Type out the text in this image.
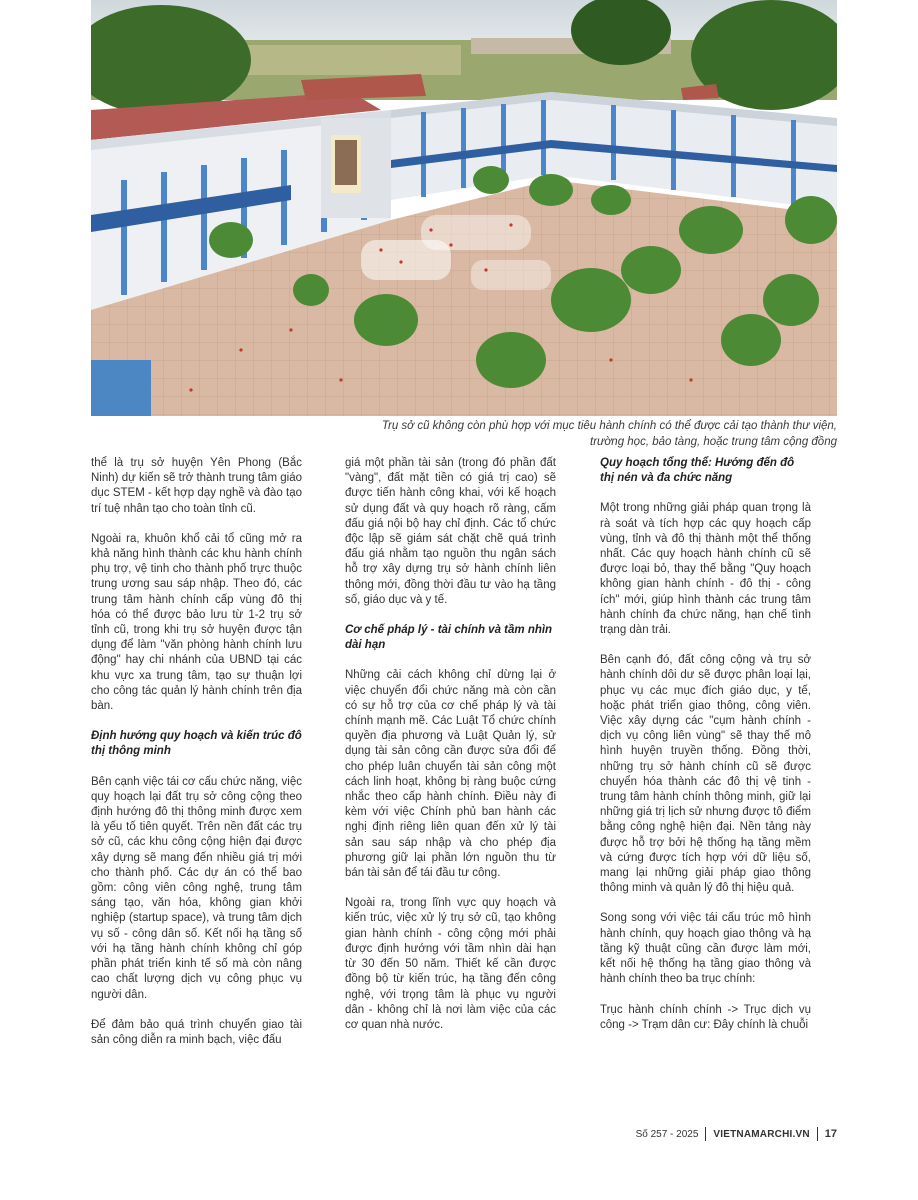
Trụ sở cũ không còn phù hợp với mục tiêu hành chính có thể được cải tạo thành thư viện,
trường học, bảo tàng, hoặc trung tâm cộng đồng

thể là trụ sở huyện Yên Phong (Bắc Ninh) dự kiến sẽ trở thành trung tâm giáo dục STEM - kết hợp dạy nghề và đào tạo trí tuệ nhân tạo cho toàn tỉnh cũ.

Ngoài ra, khuôn khổ cải tổ cũng mở ra khả năng hình thành các khu hành chính phụ trợ, vệ tinh cho thành phố trực thuộc trung ương sau sáp nhập. Theo đó, các trung tâm hành chính cấp vùng đô thị hóa có thể được bảo lưu từ 1-2 trụ sở tỉnh cũ, trong khi trụ sở huyện được tận dụng để làm "văn phòng hành chính lưu động" hay chi nhánh của UBND tại các khu vực xa trung tâm, tạo sự thuận lợi cho công tác quản lý hành chính trên địa bàn.

Định hướng quy hoạch và kiến trúc đô thị thông minh

Bên cạnh việc tái cơ cấu chức năng, việc quy hoạch lại đất trụ sở công cộng theo định hướng đô thị thông minh được xem là yếu tố tiên quyết. Trên nền đất các trụ sở cũ, các khu công cộng hiện đại được xây dựng sẽ mang đến nhiều giá trị mới cho thành phố. Các dự án có thể bao gồm: công viên công nghệ, trung tâm sáng tạo, văn hóa, không gian khởi nghiệp (startup space), và trung tâm dịch vụ số - công dân số. Kết nối hạ tầng số với hạ tầng hành chính không chỉ góp phần phát triển kinh tế số mà còn nâng cao chất lượng dịch vụ công phục vụ người dân.

Để đảm bảo quá trình chuyển giao tài sản công diễn ra minh bạch, việc đấu

giá một phần tài sản (trong đó phần đất "vàng", đất mặt tiền có giá trị cao) sẽ được tiến hành công khai, với kế hoạch sử dụng đất và quy hoạch rõ ràng, cấm đấu giá nội bộ hay chỉ định. Các tổ chức độc lập sẽ giám sát chặt chẽ quá trình đấu giá nhằm tạo nguồn thu ngân sách hỗ trợ xây dựng trụ sở hành chính liên thông mới, đồng thời đầu tư vào hạ tầng số, giáo dục và y tế.

Cơ chế pháp lý - tài chính và tầm nhìn dài hạn

Những cải cách không chỉ dừng lại ở việc chuyển đổi chức năng mà còn cần có sự hỗ trợ của cơ chế pháp lý và tài chính mạnh mẽ. Các Luật Tổ chức chính quyền địa phương và Luật Quản lý, sử dụng tài sản công cần được sửa đổi để cho phép luân chuyển tài sản công một cách linh hoạt, không bị ràng buộc cứng nhắc theo cấp hành chính. Điều này đi kèm với việc Chính phủ ban hành các nghị định riêng liên quan đến xử lý tài sản sau sáp nhập và cho phép địa phương giữ lại phần lớn nguồn thu từ bán tài sản để tái đầu tư công.

Ngoài ra, trong lĩnh vực quy hoạch và kiến trúc, việc xử lý trụ sở cũ, tạo không gian hành chính - công cộng mới phải được định hướng với tầm nhìn dài hạn từ 30 đến 50 năm. Thiết kế cần được đồng bộ từ kiến trúc, hạ tầng đến công nghệ, với trọng tâm là phục vụ người dân - không chỉ là nơi làm việc của các cơ quan nhà nước.

Quy hoạch tổng thể: Hướng đến đô thị nén và đa chức năng

Một trong những giải pháp quan trọng là rà soát và tích hợp các quy hoạch cấp vùng, tỉnh và đô thị thành một thể thống nhất. Các quy hoạch hành chính cũ sẽ được loại bỏ, thay thế bằng "Quy hoạch không gian hành chính - đô thị - công ích" mới, giúp hình thành các trung tâm hành chính đa chức năng, hạn chế tình trạng dàn trải.

Bên cạnh đó, đất công cộng và trụ sở hành chính dôi dư sẽ được phân loại lại, phục vụ các mục đích giáo dục, y tế, hoặc phát triển giao thông, công viên. Việc xây dựng các "cụm hành chính - dịch vụ công liên vùng" sẽ thay thế mô hình huyện truyền thống. Đồng thời, những trụ sở hành chính cũ sẽ được chuyển hóa thành các đô thị vệ tinh - trung tâm hành chính thông minh, giữ lại những giá trị lịch sử nhưng được tô điểm bằng công nghệ hiện đại. Nền tảng này được hỗ trợ bởi hệ thống hạ tầng mềm và cứng được tích hợp với dữ liệu số, mang lại những giải pháp giao thông thông minh và quản lý đô thị hiệu quả.

Song song với việc tái cấu trúc mô hình hành chính, quy hoạch giao thông và hạ tầng kỹ thuật cũng cần được làm mới, kết nối hệ thống hạ tầng giao thông và hành chính theo ba trục chính:

Trục hành chính chính -> Trục dịch vụ công -> Trạm dân cư: Đây chính là chuỗi

Số 257 - 2025 VIETNAMARCHI.VN 17
